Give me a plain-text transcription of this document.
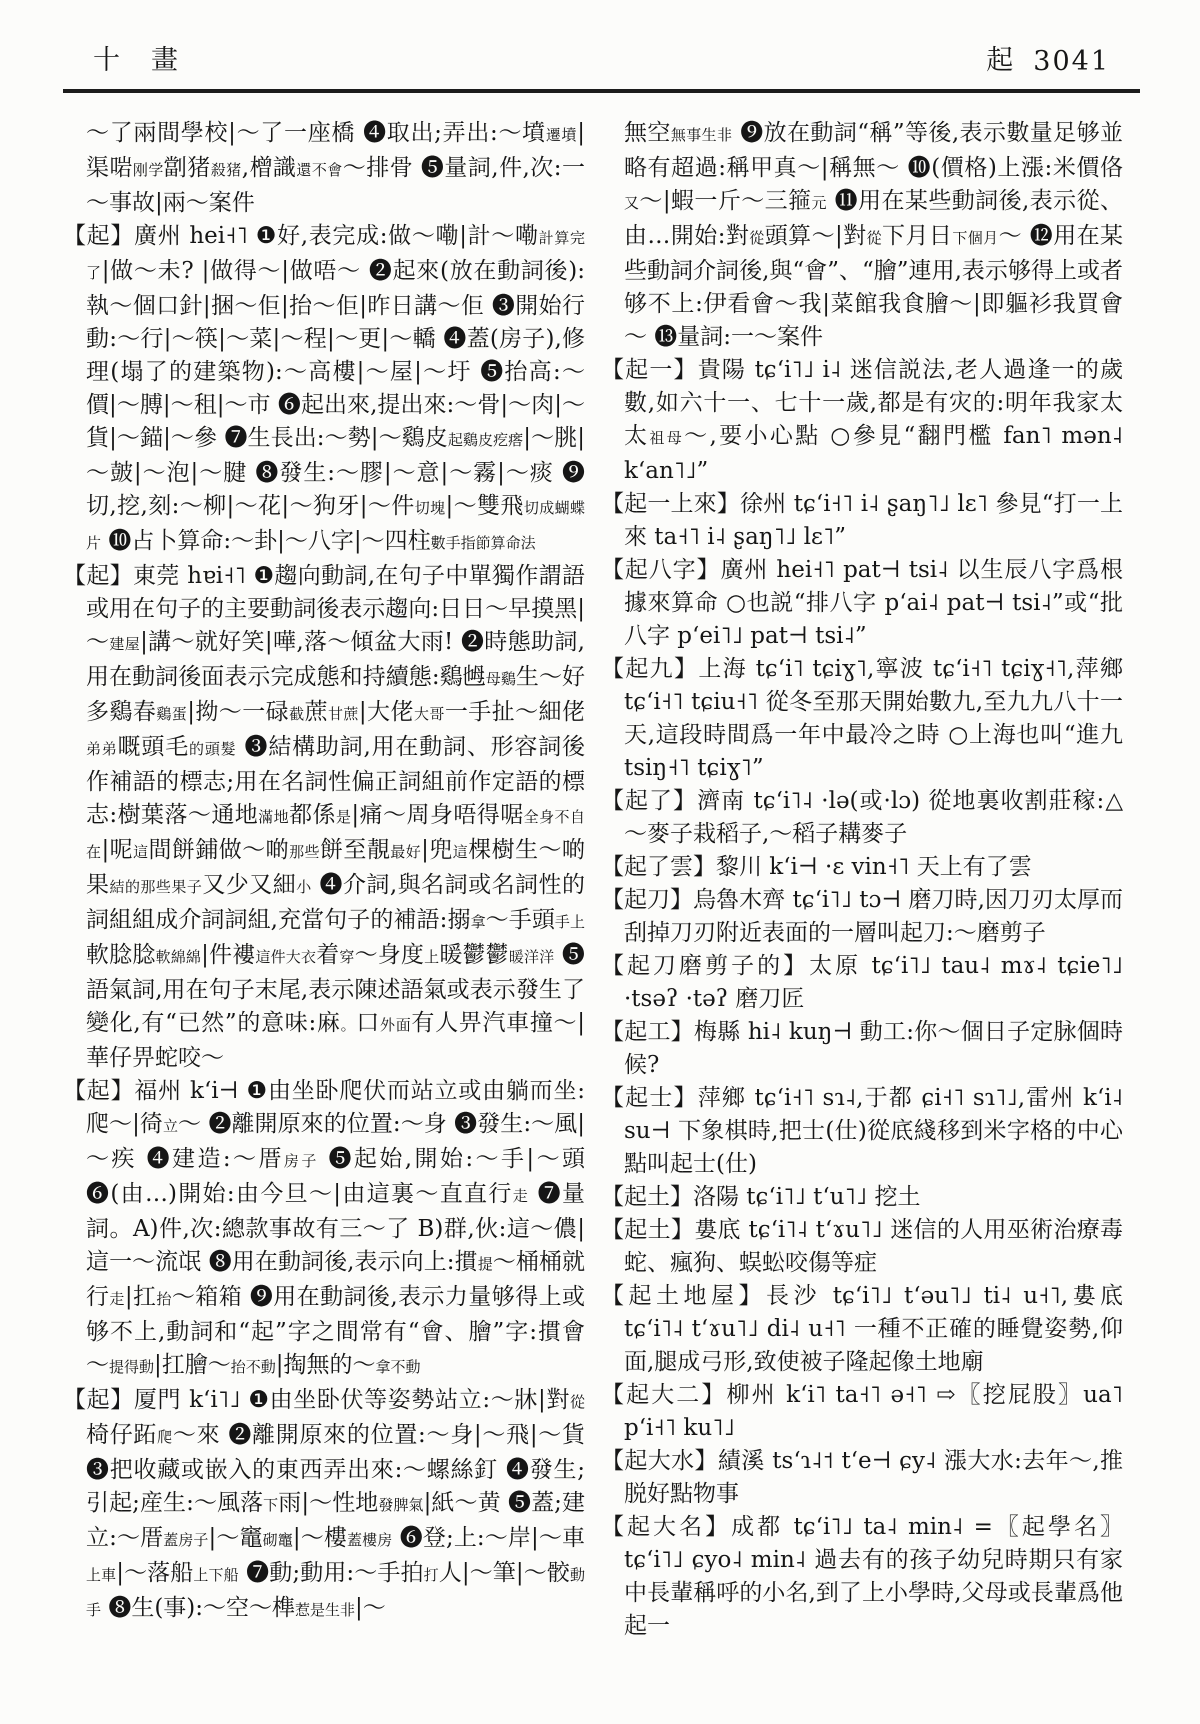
十　畫	起 3041

～了兩間學校|～了一座橋 ❹取出;弄出:～墳遷墳|渠啱刚学劏猪殺猪,橧識還不會～排骨 ❺量詞,件,次:一～事故|兩～案件

【起】廣州 hei˧˥ ❶好,表完成:做～嘞|計～嘞計算完了|做～未? |做得～|做唔～ ❷起來(放在動詞後):執～個口針|捆～佢|抬～佢|昨日講～佢 ❸開始行動:～行|～筷|～菜|～程|～更|～轎 ❹蓋(房子),修理(塌了的建築物):～高樓|～屋|～圩 ❺抬高:～價|～膊|～租|～市 ❻起出來,提出來:～骨|～肉|～貨|～錨|～參 ❼生長出:～勢|～鷄皮起鷄皮疙瘩|～朓|～皷|～泡|～腱 ❽發生:～膠|～意|～霧|～痰 ❾切,挖,刻:～柳|～花|～狗牙|～件切塊|～雙飛切成蝴蝶片 ❿占卜算命:～卦|～八字|～四柱數手指節算命法

【起】東莞 hɐi˧˥ ❶趨向動詞,在句子中單獨作謂語或用在句子的主要動詞後表示趨向:日日～早摸黑|～建屋|講～就好笑|嘩,落～傾盆大雨! ❷時態助詞,用在動詞後面表示完成態和持續態:鷄乸母鷄生～好多鷄春鷄蛋|拗～一碌截蔗甘蔗|大佬大哥一手扯～細佬弟弟嘅頭毛的頭髮 ❸結構助詞,用在動詞、形容詞後作補語的標志;用在名詞性偏正詞組前作定語的標志:樹葉落～通地滿地都係是|痛～周身唔得啹全身不自在|呢這間餅鋪做～啲那些餅至靚最好|兜這棵樹生～啲果結的那些果子又少又細小 ❹介詞,與名詞或名詞性的詞組組成介詞詞組,充當句子的補語:搦拿～手頭手上軟腍腍軟綿綿|件褸這件大衣着穿～身度上暖鬱鬱暖洋洋 ❺語氣詞,用在句子末尾,表示陳述語氣或表示發生了變化,有“已然”的意味:麻。口外面有人畀汽車撞～|華仔畀蛇咬～

【起】福州 kʻi⊣ ❶由坐卧爬伏而站立或由躺而坐:爬～|徛立～ ❷離開原來的位置:～身 ❸發生:～風|～疾 ❹建造:～厝房子 ❺起始,開始:～手|～頭 ❻(由…)開始:由今旦～|由這裏～直直行走 ❼量詞。A)件,次:總款事故有三～了 B)群,伙:這～儂|這一～流氓 ❽用在動詞後,表示向上:摜提～桶桶就行走|扛抬～箱箱 ❾用在動詞後,表示力量够得上或够不上,動詞和“起”字之間常有“會、膾”字:摜會～提得動|扛膾～抬不動|掏無的～拿不動

【起】厦門 kʻi˥˩ ❶由坐卧伏等姿勢站立:～牀|對從椅仔跖爬～來 ❷離開原來的位置:～身|～飛|～貨 ❸把收藏或嵌入的東西弄出來:～螺絲釘 ❹發生;引起;産生:～風落下雨|～性地發脾氣|紙～黄 ❺蓋;建立:～厝蓋房子|～竈砌竈|～樓蓋樓房 ❻登;上:～岸|～車上車|～落船上下船 ❼動;動用:～手拍打人|～筆|～骹動手 ❽生(事):～空～榫惹是生非|～

無空無事生非 ❾放在動詞“稱”等後,表示數量足够並略有超過:稱甲真～|稱無～ ❿(價格)上漲:米價佫又～|蝦一斤～三箍元 ⓫用在某些動詞後,表示從、由…開始:對從頭算～|對從下月日下個月～ ⓬用在某些動詞介詞後,與“會”、“膾”連用,表示够得上或者够不上:伊看會～我|菜館我食膾～|即軀衫我買會～ ⓭量詞:一～案件

【起一】貴陽 tɕʻi˥˩ i˨ 迷信説法,老人過逢一的歲數,如六十一、七十一歲,都是有灾的:明年我家太太祖母～,要小心點 ○參見“翻門檻 fan˥ mən˨ kʻan˥˩”

【起一上來】徐州 tɕʻi˧˥ i˨ ʂaŋ˥˩ lɛ˥ 參見“打一上來 ta˧˥ i˨ ʂaŋ˥˩ lɛ˥”

【起八字】廣州 hei˧˥ pat⊣ tsi˨ 以生辰八字爲根據來算命 ○也説“排八字 pʻai˨ pat⊣ tsi˨”或“批八字 pʻei˥˩ pat⊣ tsi˨”

【起九】上海 tɕʻi˥ tɕiɣ˥,寧波 tɕʻi˧˥ tɕiɣ˧˥,萍鄉 tɕʻi˧˥ tɕiu˧˥ 從冬至那天開始數九,至九九八十一天,這段時間爲一年中最冷之時 ○上海也叫“進九 tsiŋ˧˥ tɕiɣ˥”

【起了】濟南 tɕʻi˥˨ ·lə(或·lɔ) 從地裏收割莊稼:△～麥子栽稻子,～稻子耩麥子

【起了雲】黎川 kʻi⊣ ·ɛ vin˧˥ 天上有了雲

【起刀】烏魯木齊 tɕʻi˥˩ tɔ⊣ 磨刀時,因刀刃太厚而刮掉刀刃附近表面的一層叫起刀:～磨剪子

【起刀磨剪子的】太原 tɕʻi˥˩ tau˨ mɤ˨ tɕie˥˩ ·tsəʔ ·təʔ 磨刀匠

【起工】梅縣 hi˨ kuŋ⊣ 動工:你～個日子定脉個時候?

【起士】萍鄉 tɕʻi˧˥ sɿ˨,于都 ɕi˧˥ sɿ˥˩,雷州 kʻi˨ su⊣ 下象棋時,把士(仕)從底綫移到米字格的中心點叫起士(仕)

【起土】洛陽 tɕʻi˥˩ tʻu˥˩ 挖土

【起土】婁底 tɕʻi˥˨ tʻɤu˥˩ 迷信的人用巫術治療毒蛇、瘋狗、蜈蚣咬傷等症

【起土地屋】長沙 tɕʻi˥˩ tʻəu˥˩ ti˨ u˧˥,婁底 tɕʻi˥˨ tʻɤu˥˩ di˨ u˧˥ 一種不正確的睡覺姿勢,仰面,腿成弓形,致使被子隆起像土地廟

【起大二】柳州 kʻi˥ ta˧˥ ə˧˥ ⇨〖挖屁股〗ua˥ pʻi˧˥ ku˥˩

【起大水】績溪 tsʻɿ˨˦ tʻe⊣ ɕy˨ 漲大水:去年～,推脱好點物事

【起大名】成都 tɕʻi˥˩ ta˨ min˨ =〖起學名〗tɕʻi˥˩ ɕyo˨ min˨ 過去有的孩子幼兒時期只有家中長輩稱呼的小名,到了上小學時,父母或長輩爲他起一
